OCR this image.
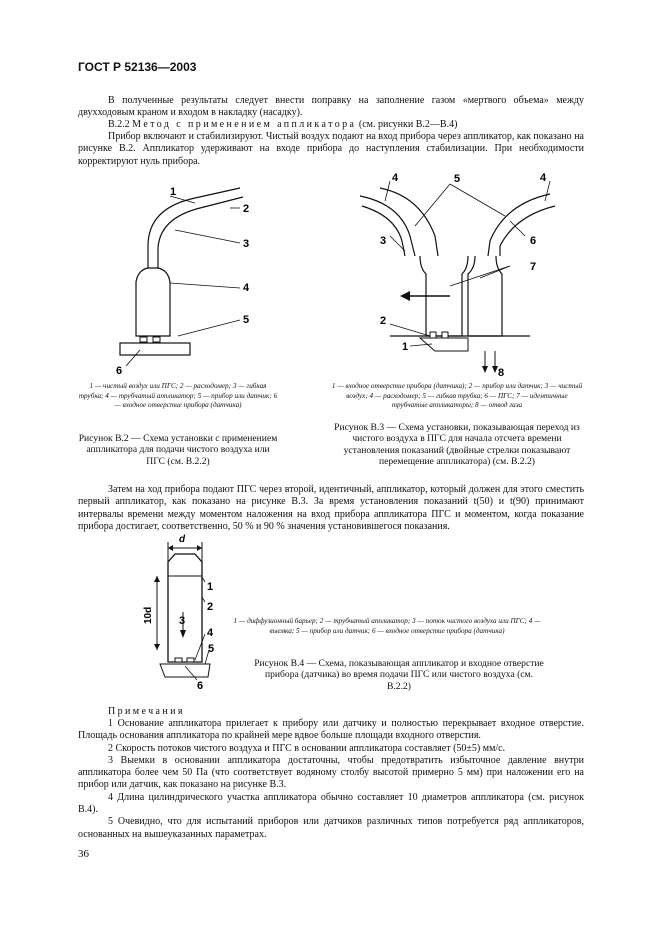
ГОСТ Р 52136—2003
В полученные результаты следует внести поправку на заполнение газом «мертвого объема» между двухходовым краном и входом в накладку (насадку).
В.2.2 Метод с применением аппликатора (см. рисунки В.2—В.4)
Прибор включают и стабилизируют. Чистый воздух подают на вход прибора через аппликатор, как показано на рисунке В.2. Аппликатор удерживают на входе прибора до наступления стабилизации. При необходимости корректируют нуль прибора.
1
2
3
4
5
6
4	5	4
3	6
7
2
1
8
1 — чистый воздух или ПГС; 2 — расходомер; 3 — гибкая трубка; 4 — трубчатый аппликатор; 5 — прибор или датчик; 6 — входное отверстие прибора (датчика)
Рисунок В.2 — Схема установки с применением аппликатора для подачи чистого воздуха или ПГС (см. В.2.2)
1 — входное отверстие прибора (датчика); 2 — прибор или датчик; 3 — чистый воздух; 4 — расходомер; 5 — гибкая трубка; 6 — ПГС; 7 — идентичные трубчатые аппликаторы; 8 — отвод газа
Рисунок В.3 — Схема установки, показывающая переход из чистого воздуха в ПГС для начала отсчета времени установления показаний (двойные стрелки показывают перемещение аппликатора) (см. В.2.2)
Затем на ход прибора подают ПГС через второй, идентичный, аппликатор, который должен для этого сместить первый аппликатор, как показано на рисунке В.3. За время установления показаний t(50) и t(90) принимают интервалы времени между моментом наложения на вход прибора аппликатора ПГС и моментом, когда показание прибора достигает, соответственно, 50 % и 90 % значения установившегося показания.
d
10d
1
2
3
4
5
6
1 — диффузионный барьер; 2 — трубчатый аппликатор; 3 — поток чистого воздуха или ПГС; 4 — выемка; 5 — прибор или датчик; 6 — входное отверстие прибора (датчика)
Рисунок В.4 — Схема, показывающая аппликатор и входное отверстие прибора (датчика) во время подачи ПГС или чистого воздуха (см. В.2.2)
Примечания
1 Основание аппликатора прилегает к прибору или датчику и полностью перекрывает входное отверстие. Площадь основания аппликатора по крайней мере вдвое больше площади входного отверстия.
2 Скорость потоков чистого воздуха и ПГС в основании аппликатора составляет (50±5) мм/с.
3 Выемки в основании аппликатора достаточны, чтобы предотвратить избыточное давление внутри аппликатора более чем 50 Па (что соответствует водяному столбу высотой примерно 5 мм) при наложении его на прибор или датчик, как показано на рисунке В.3.
4 Длина цилиндрического участка аппликатора обычно составляет 10 диаметров аппликатора (см. рисунок В.4).
5 Очевидно, что для испытаний приборов или датчиков различных типов потребуется ряд аппликаторов, основанных на вышеуказанных параметрах.
36
